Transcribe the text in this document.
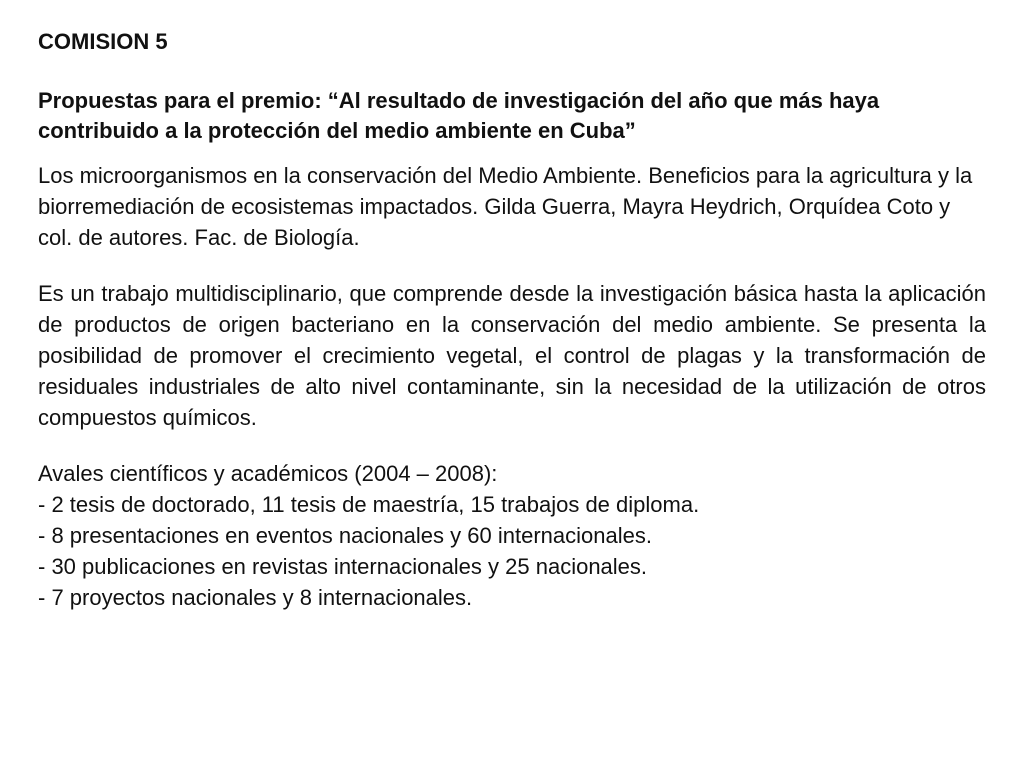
COMISION 5

Propuestas para el premio: “Al resultado de investigación del año que más haya contribuido a la protección del medio ambiente en Cuba”

Los microorganismos en la conservación del Medio Ambiente. Beneficios para la agricultura y la biorremediación de ecosistemas impactados. Gilda Guerra, Mayra Heydrich, Orquídea Coto y col. de autores. Fac. de Biología.

Es un trabajo multidisciplinario, que comprende desde la investigación básica hasta la aplicación de productos de origen bacteriano en la conservación del medio ambiente. Se presenta la posibilidad de promover el crecimiento vegetal, el control de plagas y la transformación de residuales industriales de alto nivel contaminante, sin la necesidad de la utilización de otros compuestos químicos.

Avales científicos y académicos (2004 – 2008):

- 2 tesis de doctorado, 11 tesis de maestría, 15 trabajos de diploma.
- 8 presentaciones en eventos nacionales y 60 internacionales.
- 30 publicaciones en revistas internacionales y 25 nacionales.
- 7 proyectos nacionales y 8 internacionales.
